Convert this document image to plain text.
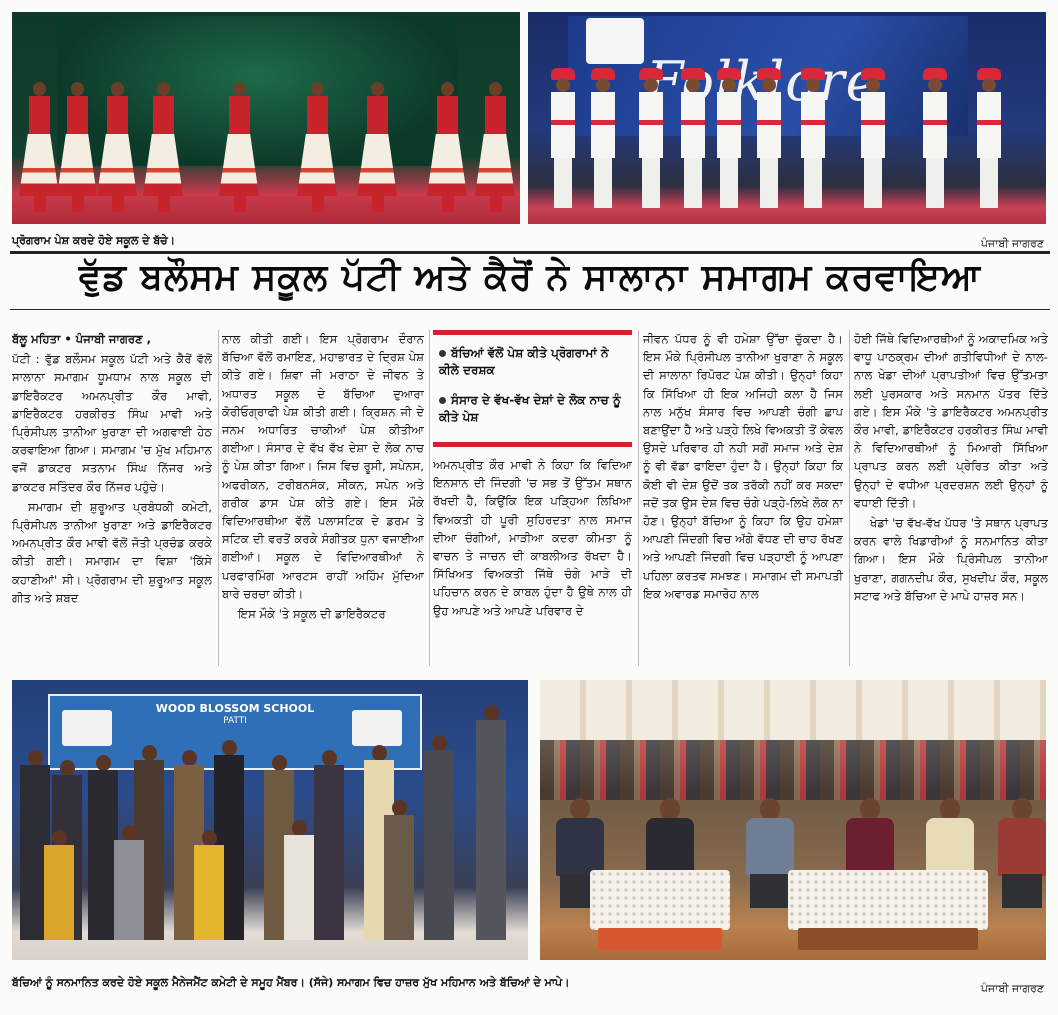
ਪ੍ਰੋਗਰਾਮ ਪੇਸ਼ ਕਰਦੇ ਹੋਏ ਸਕੂਲ ਦੇ ਬੱਚੇ।	ਪੰਜਾਬੀ ਜਾਗਰਣ
ਵੁੱਡ ਬਲੌਸਮ ਸਕੂਲ ਪੱਟੀ ਅਤੇ ਕੈਰੋਂ ਨੇ ਸਾਲਾਨਾ ਸਮਾਗਮ ਕਰਵਾਇਆ

ਬੱਲੂ ਮਹਿਤਾ • ਪੰਜਾਬੀ ਜਾਗਰਣ ,

ਪੱਟੀ : ਵੁੱਡ ਬਲੌਸਮ ਸਕੂਲ ਪੱਟੀ ਅਤੇ ਕੈਰੋਂ ਵੱਲੋਂ ਸਾਲਾਨਾ ਸਮਾਗਮ ਧੂਮਧਾਮ ਨਾਲ ਸਕੂਲ ਦੀ ਡਾਇਰੈਕਟਰ ਅਮਨਪ੍ਰੀਤ ਕੌਰ ਮਾਵੀ, ਡਾਇਰੈਕਟਰ ਹਰਕੀਰਤ ਸਿੰਘ ਮਾਵੀ ਅਤੇ ਪ੍ਰਿੰਸੀਪਲ ਤਾਨੀਆ ਖੁਰਾਣਾ ਦੀ ਅਗਵਾਈ ਹੇਠ ਕਰਵਾਇਆ ਗਿਆ। ਸਮਾਗਮ 'ਚ ਮੁੱਖ ਮਹਿਮਾਨ ਵਜੋਂ ਡਾਕਟਰ ਸਤਨਾਮ ਸਿੰਘ ਨਿੱਜਰ ਅਤੇ ਡਾਕਟਰ ਸਤਿੰਦਰ ਕੌਰ ਨਿੱਜਰ ਪਹੁੰਚੇ।

ਸਮਾਗਮ ਦੀ ਸ਼ੁਰੂਆਤ ਪ੍ਰਬੰਧਕੀ ਕਮੇਟੀ, ਪ੍ਰਿੰਸੀਪਲ ਤਾਨੀਆ ਖੁਰਾਣਾ ਅਤੇ ਡਾਇਰੈਕਟਰ ਅਮਨਪ੍ਰੀਤ ਕੌਰ ਮਾਵੀ ਵੱਲੋਂ ਜੋਤੀ ਪ੍ਰਚੰਡ ਕਰਕੇ ਕੀਤੀ ਗਈ। ਸਮਾਗਮ ਦਾ ਵਿਸ਼ਾ 'ਕਿੱਸੇ ਕਹਾਣੀਆਂ' ਸੀ। ਪ੍ਰੋਗਰਾਮ ਦੀ ਸ਼ੁਰੂਆਤ ਸਕੂਲ ਗੀਤ ਅਤੇ ਸ਼ਬਦ

ਨਾਲ ਕੀਤੀ ਗਈ। ਇਸ ਪ੍ਰੋਗਰਾਮ ਦੌਰਾਨ ਬੱਚਿਆ ਵੱਲੋਂ ਰਮਾਇਣ, ਮਹਾਭਾਰਤ ਦੇ ਦ੍ਰਿਸ਼ ਪੇਸ਼ ਕੀਤੇ ਗਏ। ਸ਼ਿਵਾ ਜੀ ਮਰਾਠਾ ਦੇ ਜੀਵਨ ਤੇ ਅਧਾਰਤ ਸਕੂਲ ਦੇ ਬੱਚਿਆ ਦੁਆਰਾ ਕੋਰੀਓਗ੍ਰਾਫੀ ਪੇਸ਼ ਕੀਤੀ ਗਈ। ਕ੍ਰਿਸ਼ਨ ਜੀ ਦੇ ਜਨਮ ਅਧਾਰਿਤ ਚਾਕੀਆਂ ਪੇਸ਼ ਕੀਤੀਆ ਗਈਆ। ਸੰਸਾਰ ਦੇ ਵੱਖ ਵੱਖ ਦੇਸ਼ਾ ਦੇ ਲੋਕ ਨਾਚ ਨੂੰ ਪੇਸ਼ ਕੀਤਾ ਗਿਆ। ਜਿਸ ਵਿਚ ਰੂਸੀ, ਸਪੇਨਸ, ਅਫਰੀਕਨ, ਟਰੀਬਨਸੰਕ, ਸੀਕਨ, ਸਪੇਨ ਅਤੇ ਗਰੀਕ ਡਾਸ ਪੇਸ਼ ਕੀਤੇ ਗਏ। ਇਸ ਮੌਕੇ ਵਿਦਿਆਰਥੀਆ ਵੱਲੋਂ ਪਲਾਸਟਿਕ ਦੇ ਡਰਮ ਤੇ ਸਟਿਕ ਦੀ ਵਰਤੋਂ ਕਰਕੇ ਸੰਗੀਤਕ ਧੁਨਾ ਵਜਾਈਆ ਗਈਆਂ। ਸਕੂਲ ਦੇ ਵਿਦਿਆਰਥੀਆਂ ਨੇ ਪਰਫਾਰਮਿੰਗ ਆਰਟਸ ਰਾਹੀਂ ਅਹਿੰਮ ਮੁੱਦਿਆ ਬਾਰੇ ਚਰਚਾ ਕੀਤੀ।

ਇਸ ਮੌਕੇ 'ਤੇ ਸਕੂਲ ਦੀ ਡਾਇਰੈਕਟਰ

ਬੱਚਿਆਂ ਵੱਲੋਂ ਪੇਸ਼ ਕੀਤੇ ਪ੍ਰੋਗਰਾਮਾਂ ਨੇ ਕੀਲੇ ਦਰਸ਼ਕ
ਸੰਸਾਰ ਦੇ ਵੱਖ-ਵੱਖ ਦੇਸ਼ਾਂ ਦੇ ਲੋਕ ਨਾਚ ਨੂੰ ਕੀਤੇ ਪੇਸ਼

ਅਮਨਪ੍ਰੀਤ ਕੌਰ ਮਾਵੀ ਨੇ ਕਿਹਾ ਕਿ ਵਿਦਿਆ ਇਨਸਾਨ ਦੀ ਜਿੰਦਗੀ 'ਚ ਸਭ ਤੋਂ ਉੱਤਮ ਸਥਾਨ ਰੱਖਦੀ ਹੈ, ਕਿਉਂਕਿ ਇਕ ਪੜ੍ਹਿਆ ਲਿਖਿਆ ਵਿਅਕਤੀ ਹੀ ਪੂਰੀ ਸੁਹਿਰਦਤਾ ਨਾਲ ਸਮਾਜ ਦੀਆ ਚੰਗੀਆਂ, ਮਾੜੀਆ ਕਦਰਾ ਕੀਮਤਾ ਨੂੰ ਵਾਚਨ ਤੇ ਜਾਚਨ ਦੀ ਕਾਬਲੀਅਤ ਰੱਖਦਾ ਹੈ। ਸਿੱਖਿਅਤ ਵਿਅਕਤੀ ਜਿੱਥੇ ਚੰਗੇ ਮਾੜੇ ਦੀ ਪਹਿਚਾਨ ਕਰਨ ਦੇ ਕਾਬਲ ਹੁੰਦਾ ਹੈ ਉਥੇ ਨਾਲ ਹੀ ਉਹ ਆਪਣੇ ਅਤੇ ਆਪਣੇ ਪਰਿਵਾਰ ਦੇ

ਜੀਵਨ ਪੱਧਰ ਨੂੰ ਵੀ ਹਮੇਸ਼ਾ ਉੱਚਾ ਚੁੱਕਦਾ ਹੈ। ਇਸ ਮੌਕੇ ਪ੍ਰਿੰਸੀਪਲ ਤਾਨੀਆ ਖੁਰਾਣਾ ਨੇ ਸਕੂਲ ਦੀ ਸਾਲਾਨਾ ਰਿਪੋਰਟ ਪੇਸ਼ ਕੀਤੀ। ਉਨ੍ਹਾਂ ਕਿਹਾ ਕਿ ਸਿੱਖਿਆ ਹੀ ਇਕ ਅਜਿਹੀ ਕਲਾ ਹੈ ਜਿਸ ਨਾਲ ਮਨੁੱਖ ਸੰਸਾਰ ਵਿਚ ਆਪਣੀ ਚੰਗੀ ਛਾਪ ਬਣਾਉਂਦਾ ਹੈ ਅਤੇ ਪੜ੍ਹੇ ਲਿਖੇ ਵਿਅਕਤੀ ਤੋਂ ਕੇਵਲ ਉਸਦੇ ਪਰਿਵਾਰ ਹੀ ਨਹੀ ਸਗੋਂ ਸਮਾਜ ਅਤੇ ਦੇਸ਼ ਨੂੰ ਵੀ ਵੱਡਾ ਫਾਇਦਾ ਹੁੰਦਾ ਹੈ। ਉਨ੍ਹਾਂ ਕਿਹਾ ਕਿ ਕੋਈ ਵੀ ਦੇਸ਼ ਉਦੋਂ ਤਕ ਤਰੱਕੀ ਨਹੀਂ ਕਰ ਸਕਦਾ ਜਦੋਂ ਤਕ ਉਸ ਦੇਸ਼ ਵਿਚ ਚੰਗੇ ਪੜ੍ਹੇ-ਲਿਖੇ ਲੋਕ ਨਾ ਹੋਣ। ਉਨ੍ਹਾਂ ਬੱਚਿਆ ਨੂੰ ਕਿਹਾ ਕਿ ਉਹ ਹਮੇਸ਼ਾ ਆਪਣੀ ਜਿੰਦਗੀ ਵਿਚ ਅੱਗੇ ਵੱਧਣ ਦੀ ਚਾਹ ਰੱਖਣ ਅਤੇ ਆਪਣੀ ਜਿੰਦਗੀ ਵਿਚ ਪੜ੍ਹਾਈ ਨੂੰ ਆਪਣਾ ਪਹਿਲਾ ਕਰਤਵ ਸਮਝਣ। ਸਮਾਗਮ ਦੀ ਸਮਾਪਤੀ ਇਕ ਅਵਾਰਡ ਸਮਾਰੋਹ ਨਾਲ

ਹੋਈ ਜਿੱਥੇ ਵਿਦਿਆਰਥੀਆਂ ਨੂੰ ਅਕਾਦਮਿਕ ਅਤੇ ਵਾਧੂ ਪਾਠਕ੍ਰਮ ਦੀਆਂ ਗਤੀਵਿਧੀਆਂ ਦੇ ਨਾਲ-ਨਾਲ ਖੇਡਾ ਦੀਆਂ ਪ੍ਰਾਪਤੀਆਂ ਵਿਚ ਉੱਤਮਤਾ ਲਈ ਪੁਰਸਕਾਰ ਅਤੇ ਸਨਮਾਨ ਪੱਤਰ ਦਿੱਤੇ ਗਏ। ਇਸ ਮੌਕੇ 'ਤੇ ਡਾਇਰੈਕਟਰ ਅਮਨਪ੍ਰੀਤ ਕੌਰ ਮਾਵੀ, ਡਾਇਰੈਕਟਰ ਹਰਕੀਰਤ ਸਿੰਘ ਮਾਵੀ ਨੇ ਵਿਦਿਆਰਥੀਆਂ ਨੂੰ ਮਿਆਰੀ ਸਿੱਖਿਆ ਪ੍ਰਾਪਤ ਕਰਨ ਲਈ ਪ੍ਰੇਰਿਤ ਕੀਤਾ ਅਤੇ ਉਨ੍ਹਾਂ ਦੇ ਵਧੀਆ ਪ੍ਰਦਰਸ਼ਨ ਲਈ ਉਨ੍ਹਾਂ ਨੂੰ ਵਧਾਈ ਦਿੱਤੀ।

ਖੇਡਾਂ 'ਚ ਵੱਖ-ਵੱਖ ਪੱਧਰ 'ਤੇ ਸਥਾਨ ਪ੍ਰਾਪਤ ਕਰਨ ਵਾਲੇ ਖਿਡਾਰੀਆਂ ਨੂੰ ਸਨਮਾਨਿਤ ਕੀਤਾ ਗਿਆ। ਇਸ ਮੌਕੇ ਪ੍ਰਿੰਸੀਪਲ ਤਾਨੀਆ ਖੁਰਾਣਾ, ਗਗਨਦੀਪ ਕੌਰ, ਸੁਖਦੀਪ ਕੌਰ, ਸਕੂਲ ਸਟਾਫ ਅਤੇ ਬੱਚਿਆ ਦੇ ਮਾਪੇ ਹਾਜ਼ਰ ਸਨ।

WOOD BLOSSOM SCHOOL
PATTI
ਬੱਚਿਆਂ ਨੂੰ ਸਨਮਾਨਿਤ ਕਰਦੇ ਹੋਏ ਸਕੂਲ ਮੈਨੇਜਮੈਂਟ ਕਮੇਟੀ ਦੇ ਸਮੂਹ ਮੈਂਬਰ। (ਸੱਜੇ) ਸਮਾਗਮ ਵਿਚ ਹਾਜ਼ਰ ਮੁੱਖ ਮਹਿਮਾਨ ਅਤੇ ਬੱਚਿਆਂ ਦੇ ਮਾਪੇ।	ਪੰਜਾਬੀ ਜਾਗਰਣ
